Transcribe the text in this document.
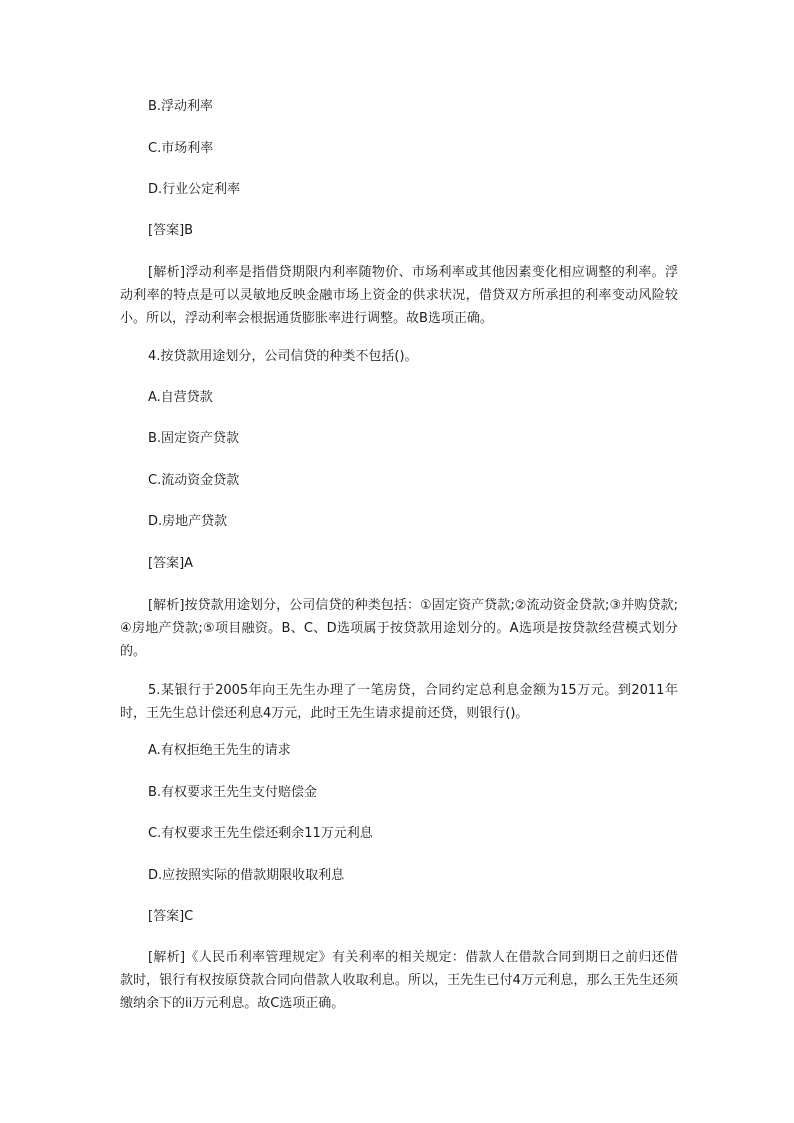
B.浮动利率

C.市场利率

D.行业公定利率

[答案]B

[解析]浮动利率是指借贷期限内利率随物价、市场利率或其他因素变化相应调整的利率。浮动利率的特点是可以灵敏地反映金融市场上资金的供求状况，借贷双方所承担的利率变动风险较小。所以，浮动利率会根据通货膨胀率进行调整。故B选项正确。

4.按贷款用途划分，公司信贷的种类不包括()。

A.自营贷款

B.固定资产贷款

C.流动资金贷款

D.房地产贷款

[答案]A

[解析]按贷款用途划分，公司信贷的种类包括：①固定资产贷款;②流动资金贷款;③并购贷款;④房地产贷款;⑤项目融资。B、C、D选项属于按贷款用途划分的。A选项是按贷款经营模式划分的。

5.某银行于2005年向王先生办理了一笔房贷，合同约定总利息金额为15万元。到2011年时，王先生总计偿还利息4万元，此时王先生请求提前还贷，则银行()。

A.有权拒绝王先生的请求

B.有权要求王先生支付赔偿金

C.有权要求王先生偿还剩余11万元利息

D.应按照实际的借款期限收取利息

[答案]C

[解析]《人民币利率管理规定》有关利率的相关规定：借款人在借款合同到期日之前归还借款时，银行有权按原贷款合同向借款人收取利息。所以，王先生已付4万元利息，那么王先生还须缴纳余下的ii万元利息。故C选项正确。
